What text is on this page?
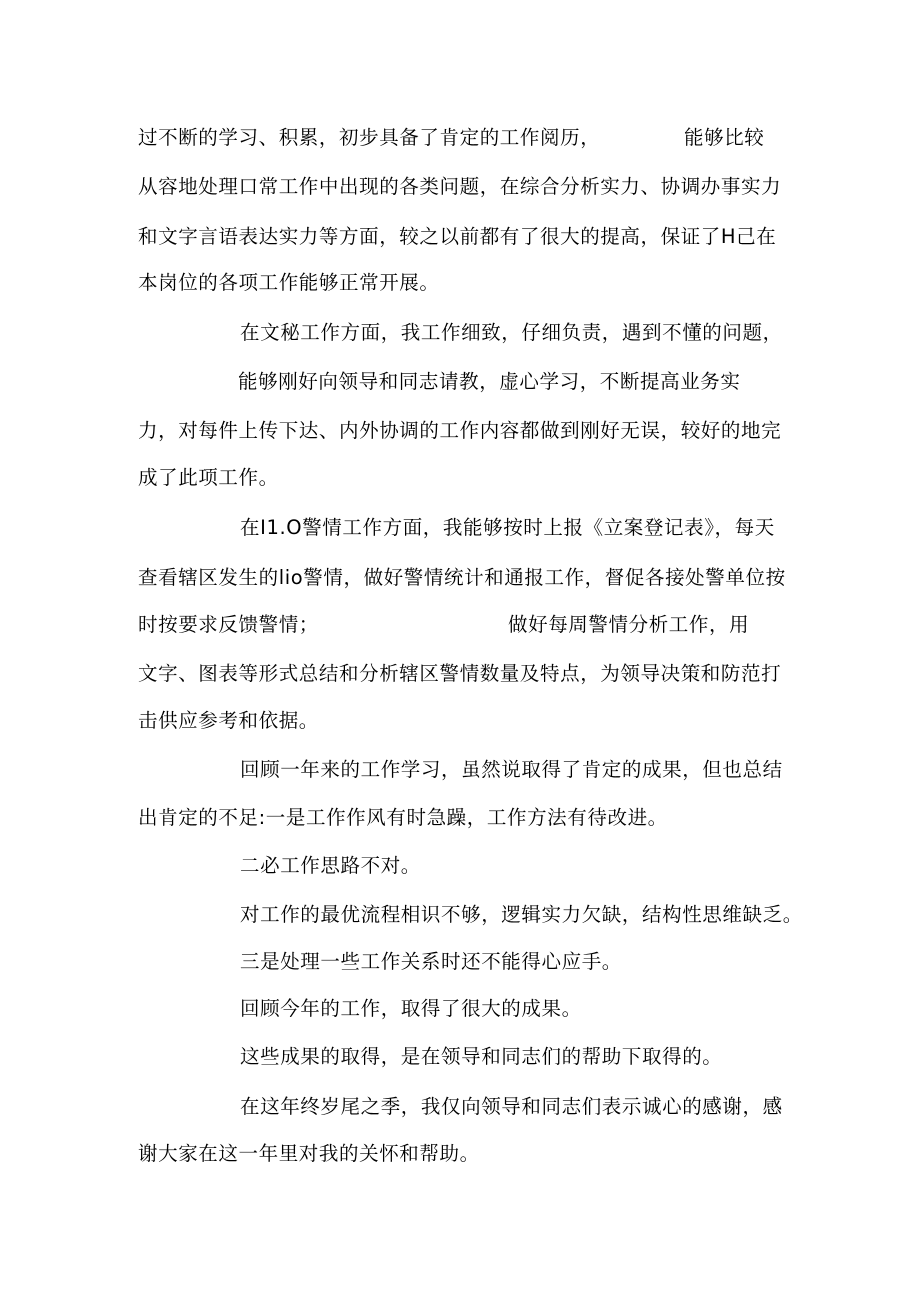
过不断的学习、积累，初步具备了肯定的工作阅历，	能够比较
从容地处理口常工作中出现的各类问题，在综合分析实力、协调办事实力
和文字言语表达实力等方面，较之以前都有了很大的提高，保证了H己在
本岗位的各项工作能够正常开展。
在文秘工作方面，我工作细致，仔细负责，遇到不懂的问题，
能够刚好向领导和同志请教，虚心学习，不断提高业务实
力，对每件上传下达、内外协调的工作内容都做到刚好无误，较好的地完
成了此项工作。
在I1.O警情工作方面，我能够按时上报《立案登记表》，每天
查看辖区发生的lio警情，做好警情统计和通报工作，督促各接处警单位按
时按要求反馈警情；	做好每周警情分析工作，用
文字、图表等形式总结和分析辖区警情数量及特点，为领导决策和防范打
击供应参考和依据。
回顾一年来的工作学习，虽然说取得了肯定的成果，但也总结
出肯定的不足:一是工作作风有时急躁，工作方法有待改进。
二必工作思路不对。
对工作的最优流程相识不够，逻辑实力欠缺，结构性思维缺乏。
三是处理一些工作关系时还不能得心应手。
回顾今年的工作，取得了很大的成果。
这些成果的取得，是在领导和同志们的帮助下取得的。
在这年终岁尾之季，我仅向领导和同志们表示诚心的感谢，感
谢大家在这一年里对我的关怀和帮助。
